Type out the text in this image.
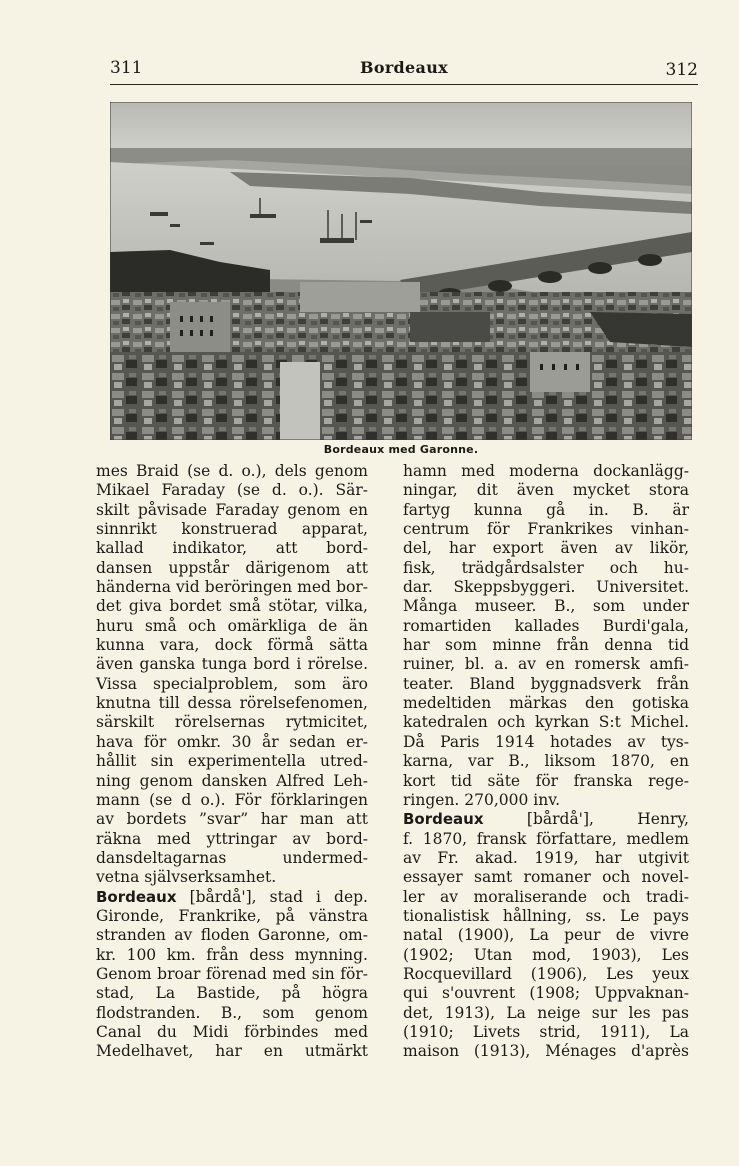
311	Bordeaux	312
Bordeaux med Garonne.
mes Braid (se d. o.), dels genom
Mikael Faraday (se d. o.). Sär-
skilt påvisade Faraday genom en
sinnrikt konstruerad apparat,
kallad indikator, att bord-
dansen uppstår därigenom att
händerna vid beröringen med bor-
det giva bordet små stötar, vilka,
huru små och omärkliga de än
kunna vara, dock förmå sätta
även ganska tunga bord i rörelse.
Vissa specialproblem, som äro
knutna till dessa rörelsefenomen,
särskilt rörelsernas rytmicitet,
hava för omkr. 30 år sedan er-
hållit sin experimentella utred-
ning genom dansken Alfred Leh-
mann (se d o.). För förklaringen
av bordets ”svar” har man att
räkna med yttringar av bord-
dansdeltagarnas undermed-
vetna självserksamhet.
Bordeaux [bårdå'], stad i dep.
Gironde, Frankrike, på vänstra
stranden av floden Garonne, om-
kr. 100 km. från dess mynning.
Genom broar förenad med sin för-
stad, La Bastide, på högra
flodstranden. B., som genom
Canal du Midi förbindes med
Medelhavet, har en utmärkt
hamn med moderna dockanlägg-
ningar, dit även mycket stora
fartyg kunna gå in. B. är
centrum för Frankrikes vinhan-
del, har export även av likör,
fisk, trädgårdsalster och hu-
dar. Skeppsbyggeri. Universitet.
Många museer. B., som under
romartiden kallades Burdi'gala,
har som minne från denna tid
ruiner, bl. a. av en romersk amfi-
teater. Bland byggnadsverk från
medeltiden märkas den gotiska
katedralen och kyrkan S:t Michel.
Då Paris 1914 hotades av tys-
karna, var B., liksom 1870, en
kort tid säte för franska rege-
ringen. 270,000 inv.
Bordeaux [bårdå'], Henry,
f. 1870, fransk författare, medlem
av Fr. akad. 1919, har utgivit
essayer samt romaner och novel-
ler av moraliserande och tradi-
tionalistisk hållning, ss. Le pays
natal (1900), La peur de vivre
(1902; Utan mod, 1903), Les
Rocquevillard (1906), Les yeux
qui s'ouvrent (1908; Uppvaknan-
det, 1913), La neige sur les pas
(1910; Livets strid, 1911), La
maison (1913), Ménages d'après
